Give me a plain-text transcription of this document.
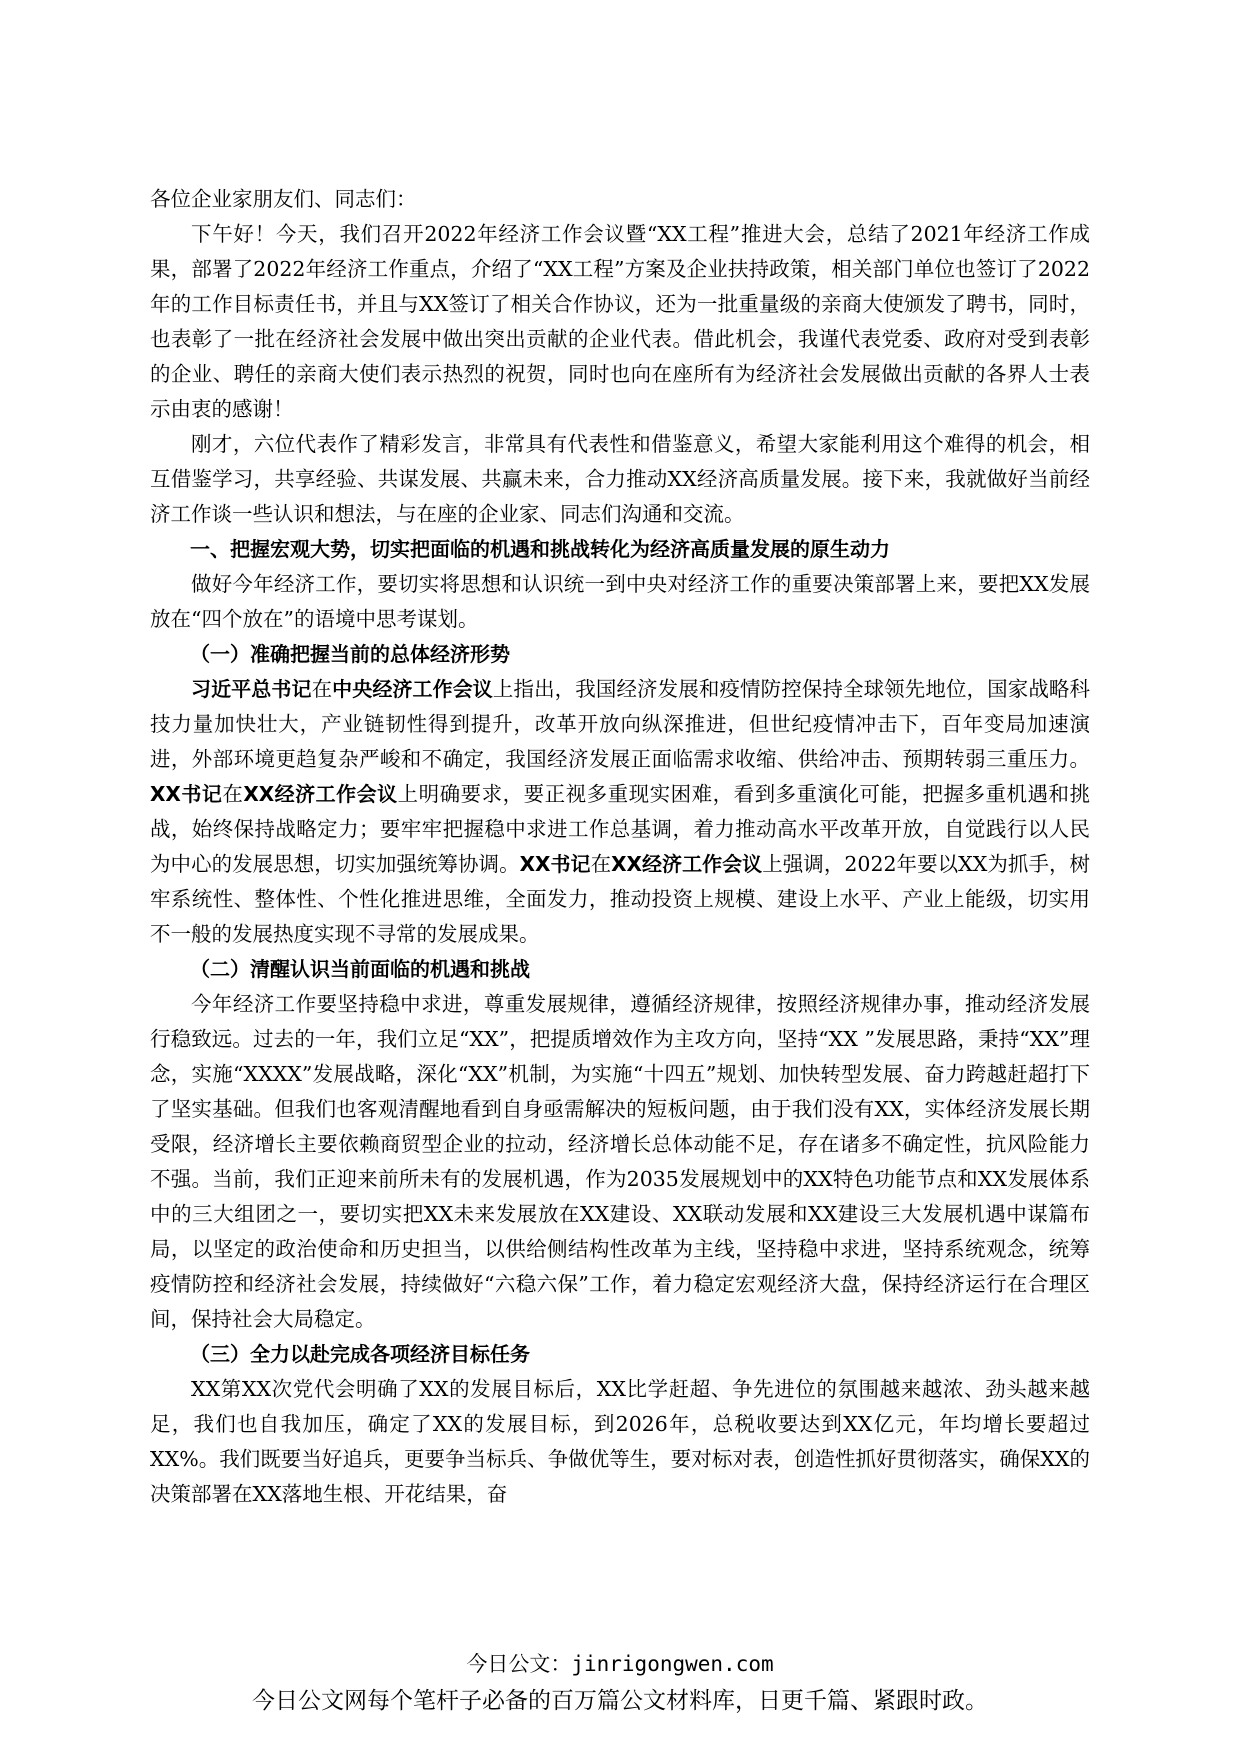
各位企业家朋友们、同志们：

下午好！今天，我们召开2022年经济工作会议暨“XX工程”推进大会，总结了2021年经济工作成果，部署了2022年经济工作重点，介绍了“XX工程”方案及企业扶持政策，相关部门单位也签订了2022年的工作目标责任书，并且与XX签订了相关合作协议，还为一批重量级的亲商大使颁发了聘书，同时，也表彰了一批在经济社会发展中做出突出贡献的企业代表。借此机会，我谨代表党委、政府对受到表彰的企业、聘任的亲商大使们表示热烈的祝贺，同时也向在座所有为经济社会发展做出贡献的各界人士表示由衷的感谢！

刚才，六位代表作了精彩发言，非常具有代表性和借鉴意义，希望大家能利用这个难得的机会，相互借鉴学习，共享经验、共谋发展、共赢未来，合力推动XX经济高质量发展。接下来，我就做好当前经济工作谈一些认识和想法，与在座的企业家、同志们沟通和交流。

一、把握宏观大势，切实把面临的机遇和挑战转化为经济高质量发展的原生动力

做好今年经济工作，要切实将思想和认识统一到中央对经济工作的重要决策部署上来，要把XX发展放在“四个放在”的语境中思考谋划。

（一）准确把握当前的总体经济形势

习近平总书记在中央经济工作会议上指出，我国经济发展和疫情防控保持全球领先地位，国家战略科技力量加快壮大，产业链韧性得到提升，改革开放向纵深推进，但世纪疫情冲击下，百年变局加速演进，外部环境更趋复杂严峻和不确定，我国经济发展正面临需求收缩、供给冲击、预期转弱三重压力。XX书记在XX经济工作会议上明确要求，要正视多重现实困难，看到多重演化可能，把握多重机遇和挑战，始终保持战略定力；要牢牢把握稳中求进工作总基调，着力推动高水平改革开放，自觉践行以人民为中心的发展思想，切实加强统筹协调。XX书记在XX经济工作会议上强调，2022年要以XX为抓手，树牢系统性、整体性、个性化推进思维，全面发力，推动投资上规模、建设上水平、产业上能级，切实用不一般的发展热度实现不寻常的发展成果。

（二）清醒认识当前面临的机遇和挑战

今年经济工作要坚持稳中求进，尊重发展规律，遵循经济规律，按照经济规律办事，推动经济发展行稳致远。过去的一年，我们立足“XX”，把提质增效作为主攻方向，坚持“XX ”发展思路，秉持“XX”理念，实施“XXXX”发展战略，深化“XX”机制，为实施“十四五”规划、加快转型发展、奋力跨越赶超打下了坚实基础。但我们也客观清醒地看到自身亟需解决的短板问题，由于我们没有XX，实体经济发展长期受限，经济增长主要依赖商贸型企业的拉动，经济增长总体动能不足，存在诸多不确定性，抗风险能力不强。当前，我们正迎来前所未有的发展机遇，作为2035发展规划中的XX特色功能节点和XX发展体系中的三大组团之一，要切实把XX未来发展放在XX建设、XX联动发展和XX建设三大发展机遇中谋篇布局，以坚定的政治使命和历史担当，以供给侧结构性改革为主线，坚持稳中求进，坚持系统观念，统筹疫情防控和经济社会发展，持续做好“六稳六保”工作，着力稳定宏观经济大盘，保持经济运行在合理区间，保持社会大局稳定。

（三）全力以赴完成各项经济目标任务

XX第XX次党代会明确了XX的发展目标后，XX比学赶超、争先进位的氛围越来越浓、劲头越来越足，我们也自我加压，确定了XX的发展目标，到2026年，总税收要达到XX亿元，年均增长要超过XX%。我们既要当好追兵，更要争当标兵、争做优等生，要对标对表，创造性抓好贯彻落实，确保XX的决策部署在XX落地生根、开花结果，奋

今日公文：jinrigongwen.com
今日公文网每个笔杆子必备的百万篇公文材料库，日更千篇、紧跟时政。
